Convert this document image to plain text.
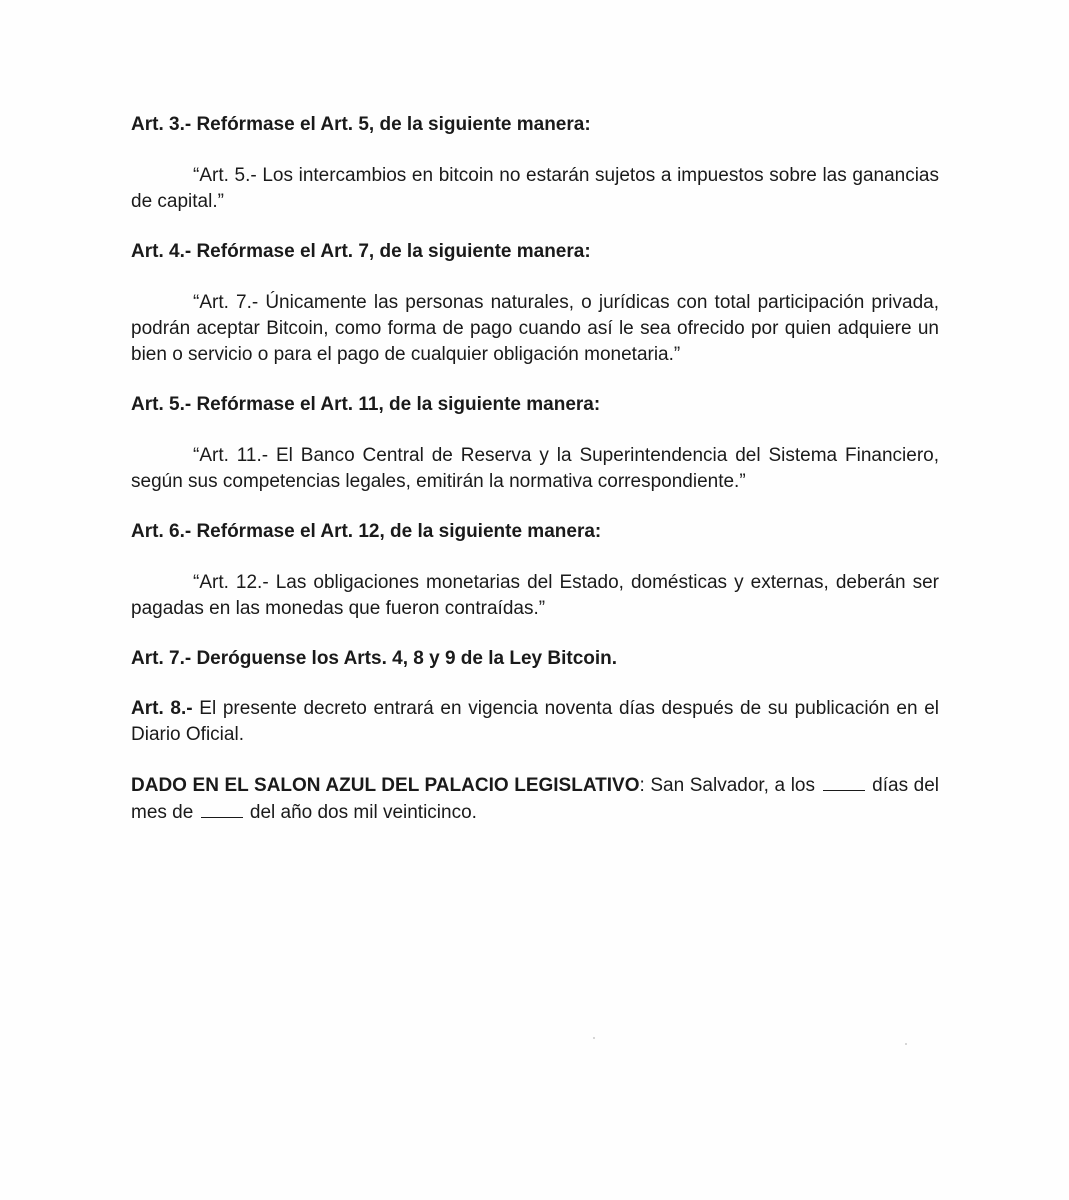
Art. 3.- Refórmase el Art. 5, de la siguiente manera:

“Art. 5.- Los intercambios en bitcoin no estarán sujetos a impuestos sobre las ganancias de capital.”

Art. 4.- Refórmase el Art. 7, de la siguiente manera:

“Art. 7.- Únicamente las personas naturales, o jurídicas con total participación privada, podrán aceptar Bitcoin, como forma de pago cuando así le sea ofrecido por quien adquiere un bien o servicio o para el pago de cualquier obligación monetaria.”

Art. 5.- Refórmase el Art. 11, de la siguiente manera:

“Art. 11.- El Banco Central de Reserva y la Superintendencia del Sistema Financiero, según sus competencias legales, emitirán la normativa correspondiente.”

Art. 6.- Refórmase el Art. 12, de la siguiente manera:

“Art. 12.- Las obligaciones monetarias del Estado, domésticas y externas, deberán ser pagadas en las monedas que fueron contraídas.”

Art. 7.- Deróguense los Arts. 4, 8 y 9 de la Ley Bitcoin.

Art. 8.- El presente decreto entrará en vigencia noventa días después de su publicación en el Diario Oficial.

DADO EN EL SALON AZUL DEL PALACIO LEGISLATIVO: San Salvador, a los	días del mes de	del año dos mil veinticinco.
